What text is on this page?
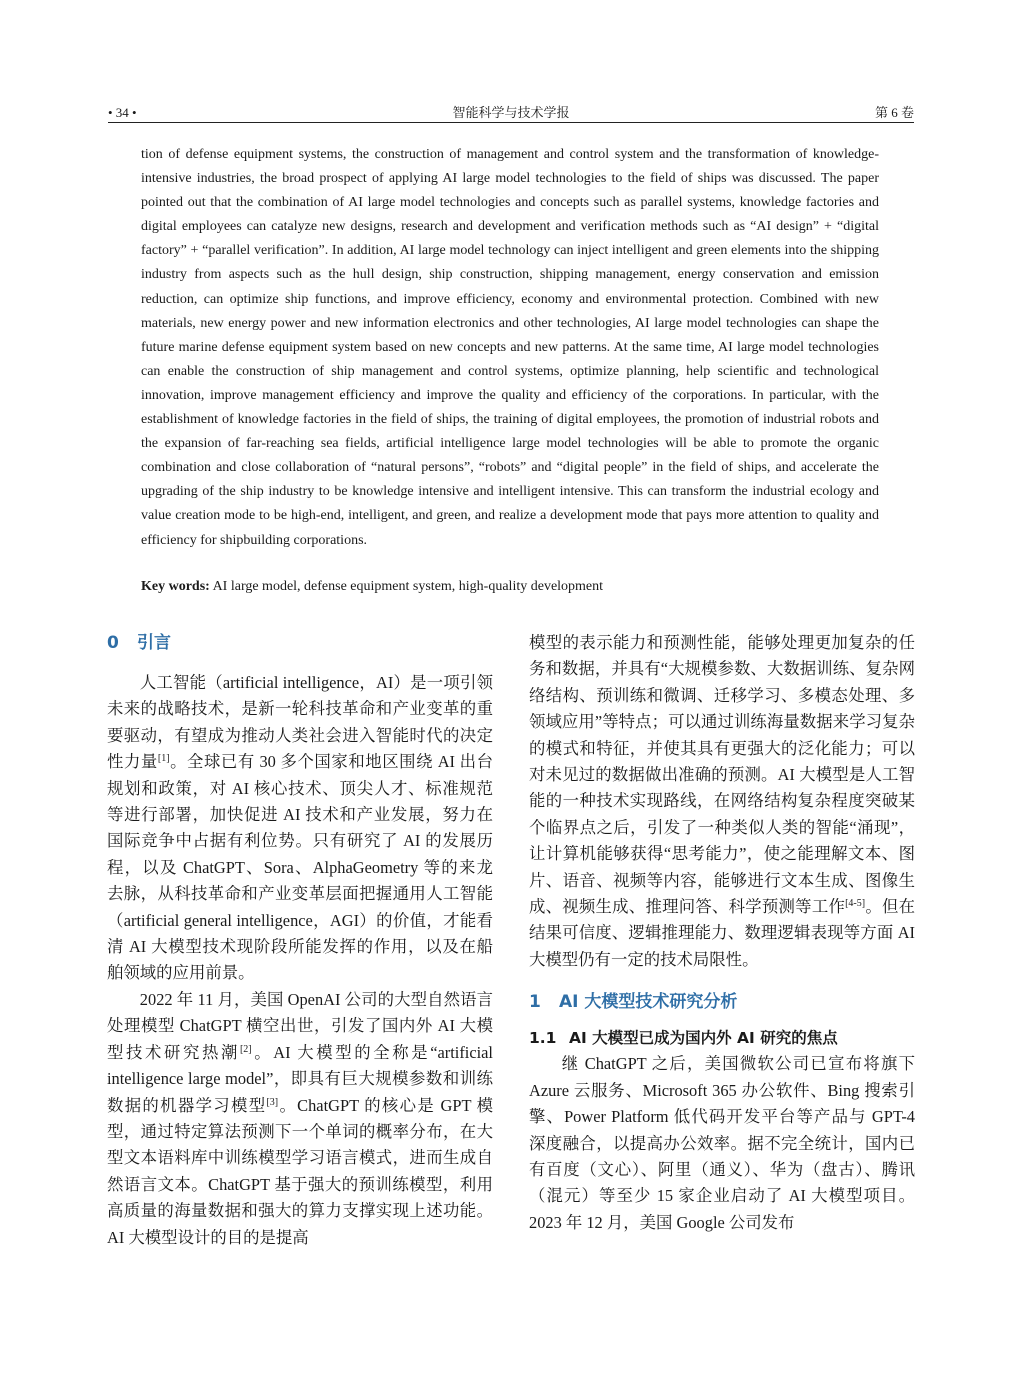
• 34 •	智能科学与技术学报	第 6 卷

tion of defense equipment systems, the construction of management and control system and the transformation of knowledge-intensive industries, the broad prospect of applying AI large model technologies to the field of ships was discussed. The paper pointed out that the combination of AI large model technologies and concepts such as parallel systems, knowledge factories and digital employees can catalyze new designs, research and development and verification methods such as “AI design” + “digital factory” + “parallel verification”. In addition, AI large model technology can inject intelligent and green elements into the shipping industry from aspects such as the hull design, ship construction, shipping management, energy conservation and emission reduction, can optimize ship functions, and improve efficiency, economy and environmental protection. Combined with new materials, new energy power and new information electronics and other technologies, AI large model technologies can shape the future marine defense equipment system based on new concepts and new patterns. At the same time, AI large model technologies can enable the construction of ship management and control systems, optimize planning, help scientific and technological innovation, improve management efficiency and improve the quality and efficiency of the corporations. In particular, with the establishment of knowledge factories in the field of ships, the training of digital employees, the promotion of industrial robots and the expansion of far-reaching sea fields, artificial intelligence large model technologies will be able to promote the organic combination and close collaboration of “natural persons”, “robots” and “digital people” in the field of ships, and accelerate the upgrading of the ship industry to be knowledge intensive and intelligent intensive. This can transform the industrial ecology and value creation mode to be high-end, intelligent, and green, and realize a development mode that pays more attention to quality and efficiency for shipbuilding corporations.

Key words: AI large model, defense equipment system, high-quality development
0 引言

人工智能（artificial intelligence，AI）是一项引领未来的战略技术，是新一轮科技革命和产业变革的重要驱动，有望成为推动人类社会进入智能时代的决定性力量[1]。全球已有 30 多个国家和地区围绕 AI 出台规划和政策，对 AI 核心技术、顶尖人才、标准规范等进行部署，加快促进 AI 技术和产业发展，努力在国际竞争中占据有利位势。只有研究了 AI 的发展历程，以及 ChatGPT、Sora、AlphaGeometry 等的来龙去脉，从科技革命和产业变革层面把握通用人工智能（artificial general intelligence，AGI）的价值，才能看清 AI 大模型技术现阶段所能发挥的作用，以及在船舶领域的应用前景。

2022 年 11 月，美国 OpenAI 公司的大型自然语言处理模型 ChatGPT 横空出世，引发了国内外 AI 大模型技术研究热潮[2]。AI 大模型的全称是“artificial intelligence large model”，即具有巨大规模参数和训练数据的机器学习模型[3]。ChatGPT 的核心是 GPT 模型，通过特定算法预测下一个单词的概率分布，在大型文本语料库中训练模型学习语言模式，进而生成自然语言文本。ChatGPT 基于强大的预训练模型，利用高质量的海量数据和强大的算力支撑实现上述功能。AI 大模型设计的目的是提高

模型的表示能力和预测性能，能够处理更加复杂的任务和数据，并具有“大规模参数、大数据训练、复杂网络结构、预训练和微调、迁移学习、多模态处理、多领域应用”等特点；可以通过训练海量数据来学习复杂的模式和特征，并使其具有更强大的泛化能力；可以对未见过的数据做出准确的预测。AI 大模型是人工智能的一种技术实现路线，在网络结构复杂程度突破某个临界点之后，引发了一种类似人类的智能“涌现”，让计算机能够获得“思考能力”，使之能理解文本、图片、语音、视频等内容，能够进行文本生成、图像生成、视频生成、推理问答、科学预测等工作[4-5]。但在结果可信度、逻辑推理能力、数理逻辑表现等方面 AI 大模型仍有一定的技术局限性。

1 AI 大模型技术研究分析
1.1 AI 大模型已成为国内外 AI 研究的焦点

继 ChatGPT 之后，美国微软公司已宣布将旗下 Azure 云服务、Microsoft 365 办公软件、Bing 搜索引擎、Power Platform 低代码开发平台等产品与 GPT-4 深度融合，以提高办公效率。据不完全统计，国内已有百度（文心）、阿里（通义）、华为（盘古）、腾讯（混元）等至少 15 家企业启动了 AI 大模型项目。2023 年 12 月，美国 Google 公司发布
